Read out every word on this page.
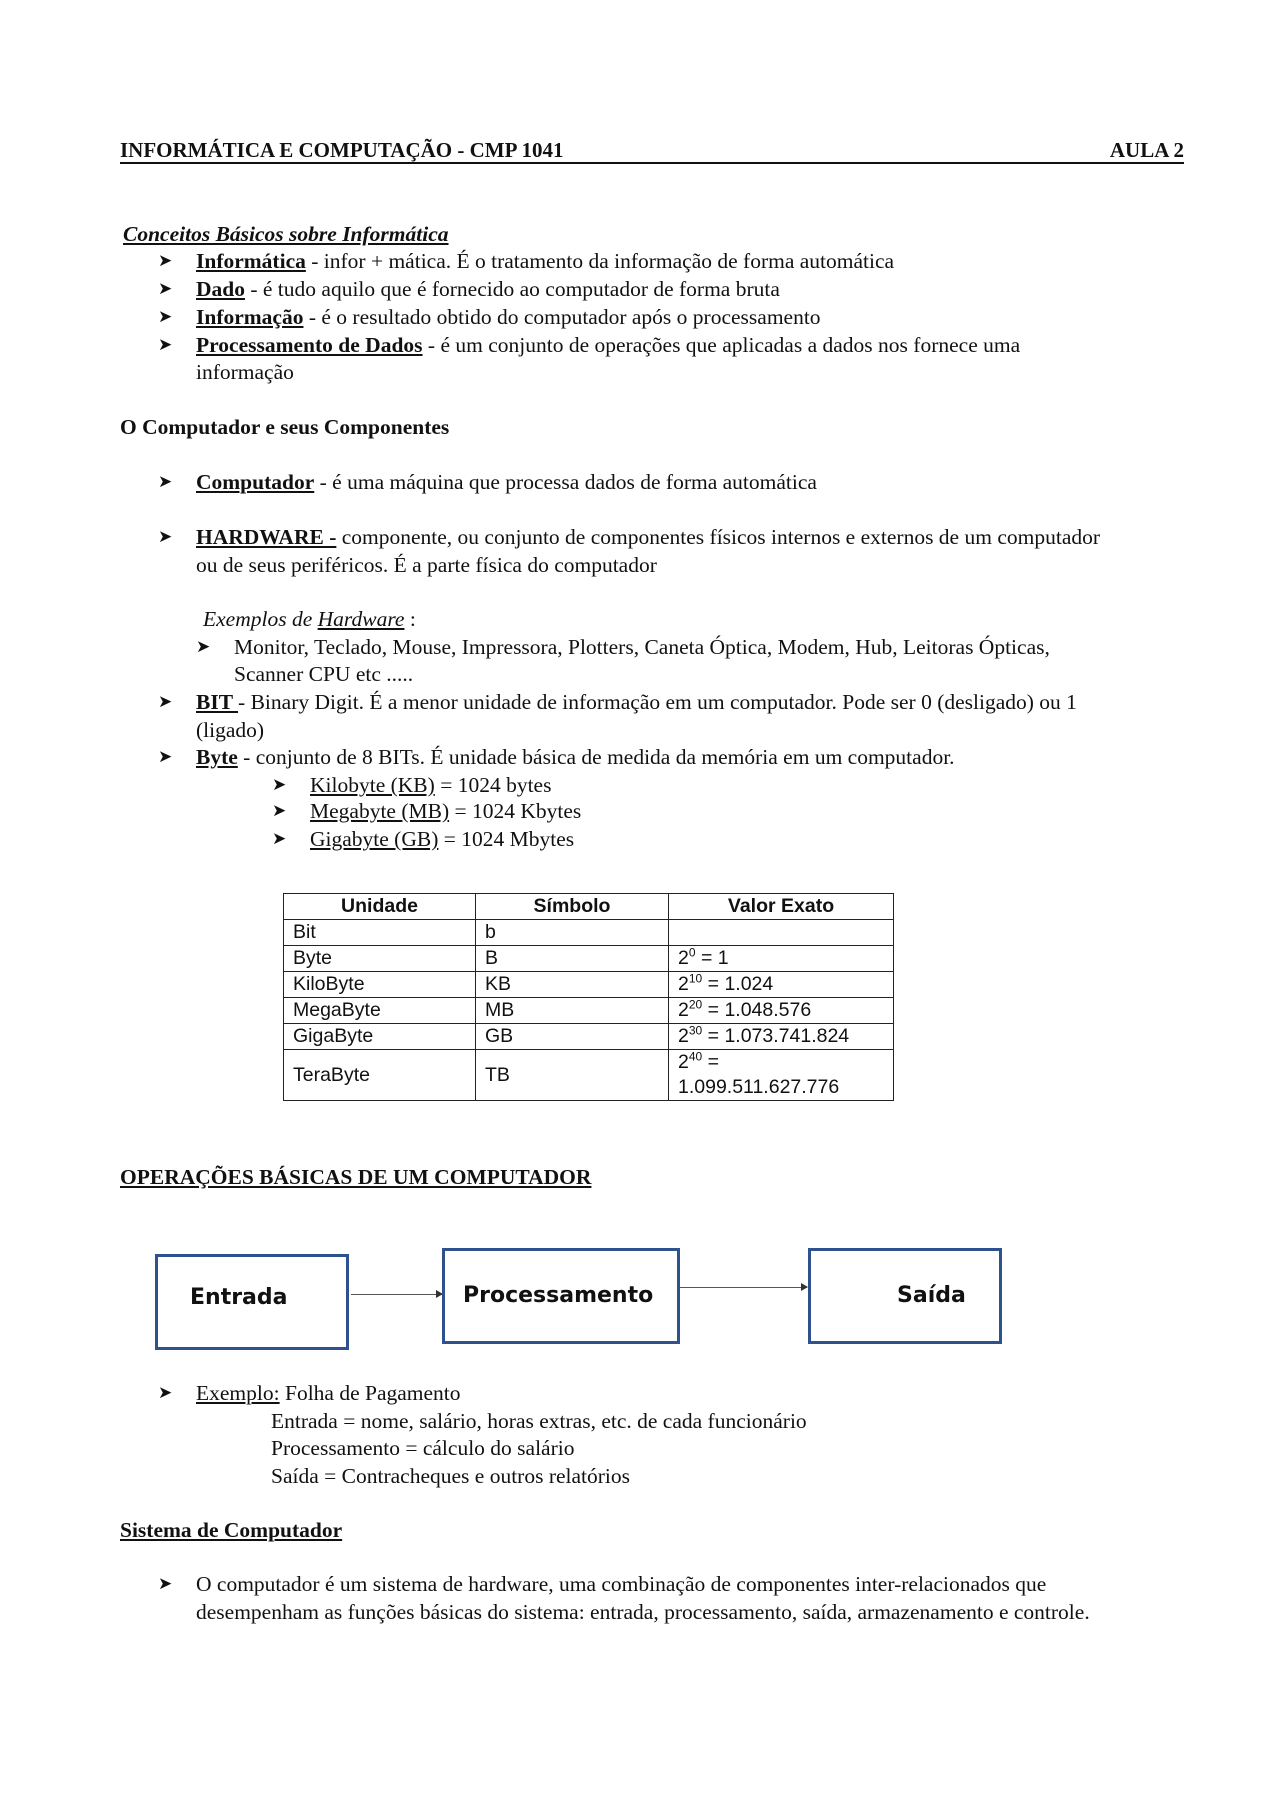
INFORMÁTICA E COMPUTAÇÃO - CMP 1041	AULA 2
Conceitos Básicos sobre Informática
➤ Informática - infor + mática. É o tratamento da informação de forma automática
➤ Dado - é tudo aquilo que é fornecido ao computador de forma bruta
➤ Informação - é o resultado obtido do computador após o processamento
➤ Processamento de Dados - é um conjunto de operações que aplicadas a dados nos fornece uma
informação
O Computador e seus Componentes
➤ Computador - é uma máquina que processa dados de forma automática
➤ HARDWARE - componente, ou conjunto de componentes físicos internos e externos de um computador
ou de seus periféricos. É a parte física do computador
Exemplos de Hardware :
➤ Monitor, Teclado, Mouse, Impressora, Plotters, Caneta Óptica, Modem, Hub, Leitoras Ópticas,
Scanner CPU etc .....
➤ BIT - Binary Digit. É a menor unidade de informação em um computador. Pode ser 0 (desligado) ou 1
(ligado)
➤ Byte - conjunto de 8 BITs. É unidade básica de medida da memória em um computador.
➤ Kilobyte (KB) = 1024 bytes
➤ Megabyte (MB) = 1024 Kbytes
➤ Gigabyte (GB) = 1024 Mbytes
Unidade	Símbolo	Valor Exato
Bit	b	
Byte	B	$2^0 = 1$
KiloByte	KB	$2^{10} = 1.024$
MegaByte	MB	$2^{20} = 1.048.576$
GigaByte	GB	$2^{30} = 1.073.741.824$
TeraByte	TB	$2^{40} = 1.099.511.627.776$
OPERAÇÕES BÁSICAS DE UM COMPUTADOR
Entrada	Processamento	Saída
➤ Exemplo: Folha de Pagamento
Entrada = nome, salário, horas extras, etc. de cada funcionário
Processamento = cálculo do salário
Saída = Contracheques e outros relatórios
Sistema de Computador
➤ O computador é um sistema de hardware, uma combinação de componentes inter-relacionados que
desempenham as funções básicas do sistema: entrada, processamento, saída, armazenamento e controle.
